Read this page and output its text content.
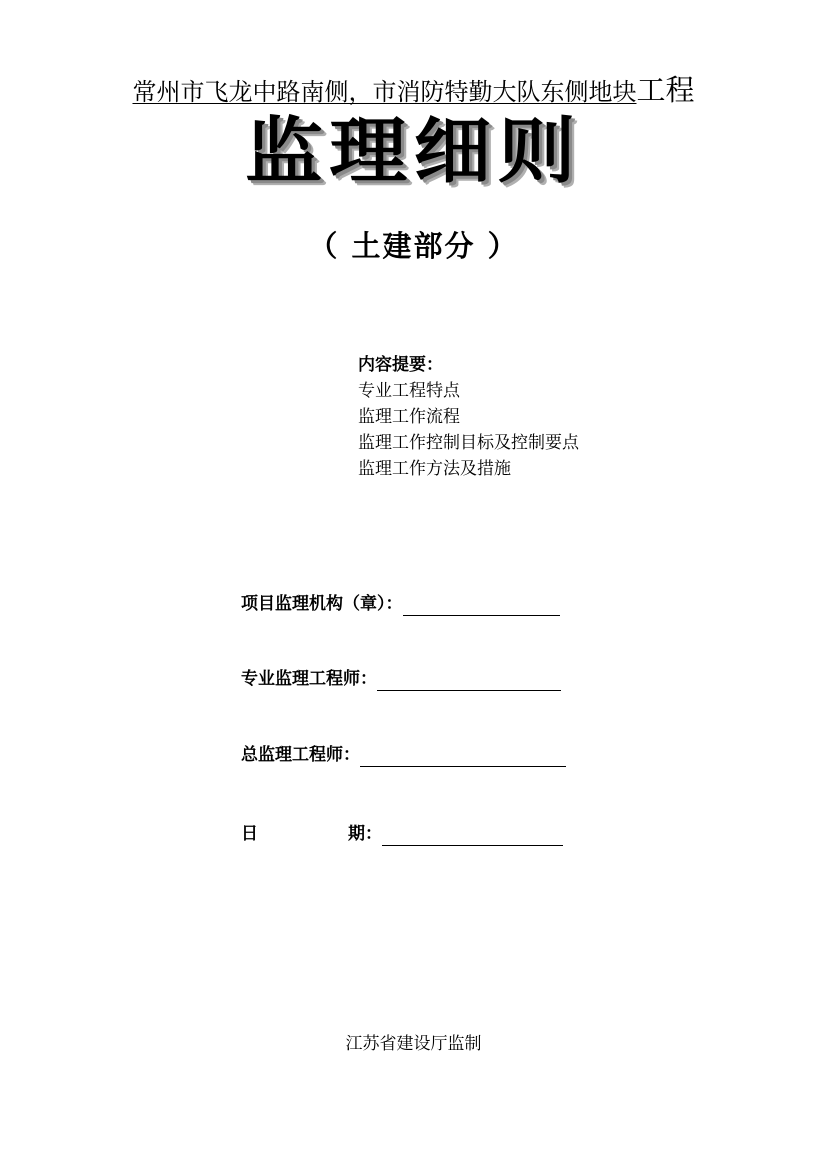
常州市飞龙中路南侧，市消防特勤大队东侧地块工程
监理细则
（ 土建部分 ）
内容提要：
专业工程特点
监理工作流程
监理工作控制目标及控制要点
监理工作方法及措施
项目监理机构（章）：
专业监理工程师：
总监理工程师：
日	期：
江苏省建设厅监制
